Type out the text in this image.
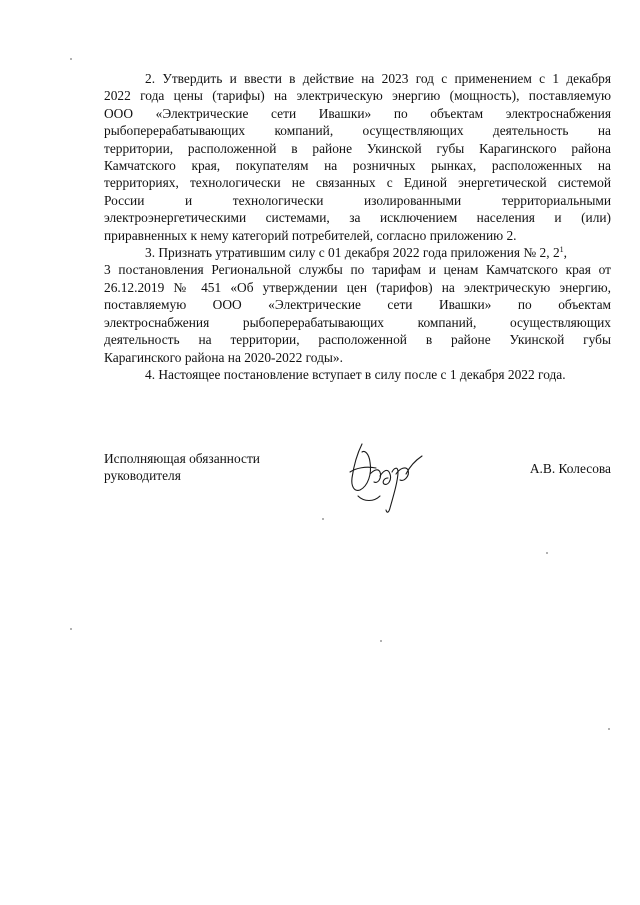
2. Утвердить и ввести в действие на 2023 год с применением с 1 декабря
2022 года цены (тарифы) на электрическую энергию (мощность), поставляемую
ООО «Электрические сети Ивашки» по объектам электроснабжения
рыбоперерабатывающих компаний, осуществляющих деятельность на
территории, расположенной в районе Укинской губы Карагинского района
Камчатского края, покупателям на розничных рынках, расположенных на
территориях, технологически не связанных с Единой энергетической системой
России и технологически изолированными территориальными
электроэнергетическими системами, за исключением населения и (или)
приравненных к нему категорий потребителей, согласно приложению 2.

3. Признать утратившим силу с 01 декабря 2022 года приложения № 2, $2^1$,
3 постановления Региональной службы по тарифам и ценам Камчатского края от
26.12.2019 № 451 «Об утверждении цен (тарифов) на электрическую энергию,
поставляемую ООО «Электрические сети Ивашки» по объектам
электроснабжения рыбоперерабатывающих компаний, осуществляющих
деятельность на территории, расположенной в районе Укинской губы
Карагинского района на 2020-2022 годы».

4. Настоящее постановление вступает в силу после с 1 декабря 2022 года.

Исполняющая обязанности
руководителя	А.В. Колесова
